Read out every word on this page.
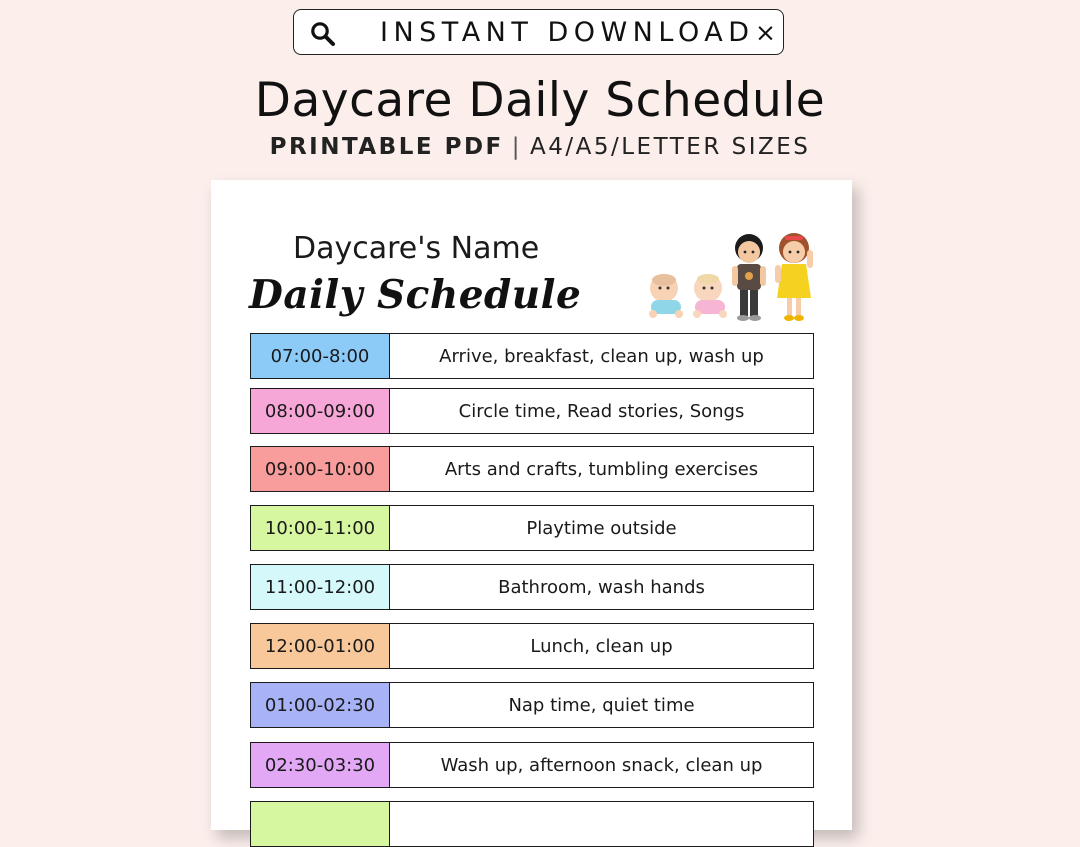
INSTANT DOWNLOAD ×
Daycare Daily Schedule
PRINTABLE PDF | A4/A5/LETTER SIZES
Daycare's Name
Daily Schedule
07:00-8:00	Arrive, breakfast, clean up, wash up
08:00-09:00	Circle time, Read stories, Songs
09:00-10:00	Arts and crafts, tumbling exercises
10:00-11:00	Playtime outside
11:00-12:00	Bathroom, wash hands
12:00-01:00	Lunch, clean up
01:00-02:30	Nap time, quiet time
02:30-03:30	Wash up, afternoon snack, clean up
